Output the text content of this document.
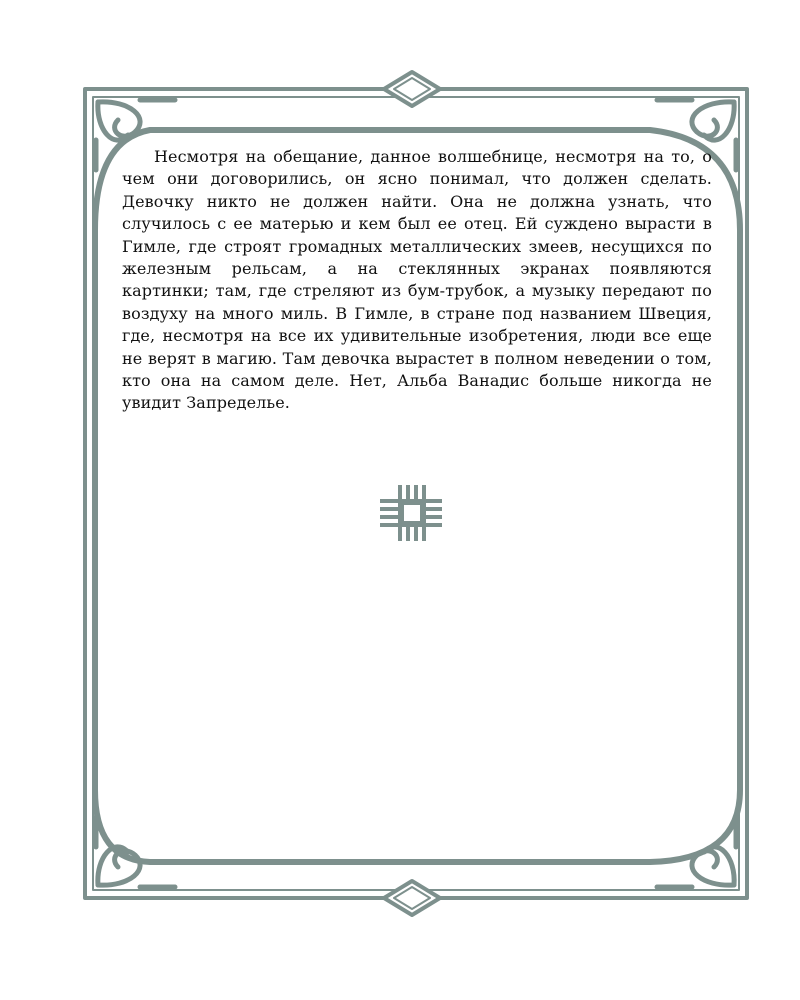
Несмотря на обещание, данное волшебнице, несмотря на то, о чем они договорились, он ясно понимал, что должен сделать. Девочку никто не должен найти. Она не должна узнать, что случилось с ее матерью и кем был ее отец. Ей суждено вырасти в Гимле, где строят громадных металлических змеев, несущихся по железным рельсам, а на стеклянных экранах появляются картинки; там, где стреляют из бум-трубок, а музыку передают по воздуху на много миль. В Гимле, в стране под названием Швеция, где, несмотря на все их удивительные изобретения, люди все еще не верят в магию. Там девочка вырастет в полном неведении о том, кто она на самом деле. Нет, Альба Ванадис больше никогда не увидит Запределье.
